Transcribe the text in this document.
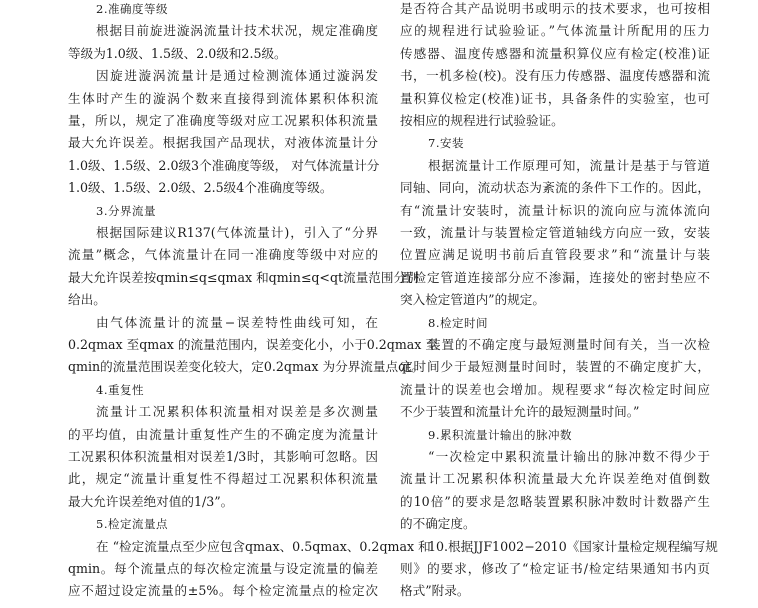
2.准确度等级
根据目前旋进漩涡流量计技术状况，规定准确度
等级为1.0级、1.5级、2.0级和2.5级。
因旋进漩涡流量计是通过检测流体通过漩涡发
生体时产生的漩涡个数来直接得到流体累积体积流
量，所以，规定了准确度等级对应工况累积体积流量
最大允许误差。根据我国产品现状，对液体流量计分
1.0级、1.5级、2.0级3个准确度等级， 对气体流量计分
1.0级、1.5级、2.0级、2.5级4个准确度等级。
3.分界流量
根据国际建议R137(气体流量计)，引入了“分界
流量”概念，气体流量计在同一准确度等级中对应的
最大允许误差按qmin≤q≤qmax 和qmin≤q<qt流量范围分别
给出。
由气体流量计的流量−误差特性曲线可知，在
0.2qmax 至qmax 的流量范围内，误差变化小，小于0.2qmax 至
qmin的流量范围误差变化较大，定0.2qmax 为分界流量点qt。
4.重复性
流量计工况累积体积流量相对误差是多次测量
的平均值，由流量计重复性产生的不确定度为流量计
工况累积体积流量相对误差1/3时，其影响可忽略。因
此，规定“流量计重复性不得超过工况累积体积流量
最大允许误差绝对值的1/3”。
5.检定流量点
在 “检定流量点至少应包含qmax、0.5qmax、0.2qmax 和
qmin。每个流量点的每次检定流量与设定流量的偏差
应不超过设定流量的±5%。每个检定流量点的检定次
是否符合其产品说明书或明示的技术要求，也可按相
应的规程进行试验验证。”气体流量计所配用的压力
传感器、温度传感器和流量积算仪应有检定(校准)证
书，一机多检(校)。没有压力传感器、温度传感器和流
量积算仪检定(校准)证书，具备条件的实验室，也可
按相应的规程进行试验验证。
7.安装
根据流量计工作原理可知，流量计是基于与管道
同轴、同向，流动状态为紊流的条件下工作的。因此，
有“流量计安装时，流量计标识的流向应与流体流向
一致，流量计与装置检定管道轴线方向应一致，安装
位置应满足说明书前后直管段要求”和“流量计与装
置检定管道连接部分应不渗漏，连接处的密封垫应不
突入检定管道内”的规定。
8.检定时间
装置的不确定度与最短测量时间有关，当一次检
定时间少于最短测量时间时，装置的不确定度扩大，
流量计的误差也会增加。规程要求“每次检定时间应
不少于装置和流量计允许的最短测量时间。”
9.累积流量计输出的脉冲数
“一次检定中累积流量计输出的脉冲数不得少于
流量计工况累积体积流量最大允许误差绝对值倒数
的10倍”的要求是忽略装置累积脉冲数时计数器产生
的不确定度。
10.根据JJF1002−2010《国家计量检定规程编写规
则》的要求，修改了“检定证书/检定结果通知书内页
格式”附录。
